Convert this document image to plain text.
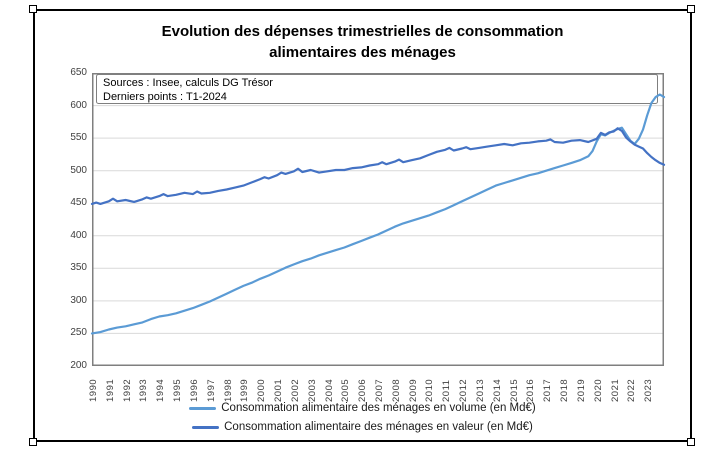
Evolution des dépenses trimestrielles de consommation
alimentaires des ménages
650
600
550
500
450
400
350
300
250
200
Sources : Insee, calculs DG Trésor
Derniers points : T1-2024
1990 1991 1992 1993 1994 1995 1996 1997 1998 1999 2000 2001 2002 2003 2004 2005 2006 2007 2008 2009 2010 2011 2012 2013 2014 2015 2016 2017 2018 2019 2020 2021 2022 2023
Consommation alimentaire des ménages en volume (en Md€)
Consommation alimentaire des ménages en valeur (en Md€)
